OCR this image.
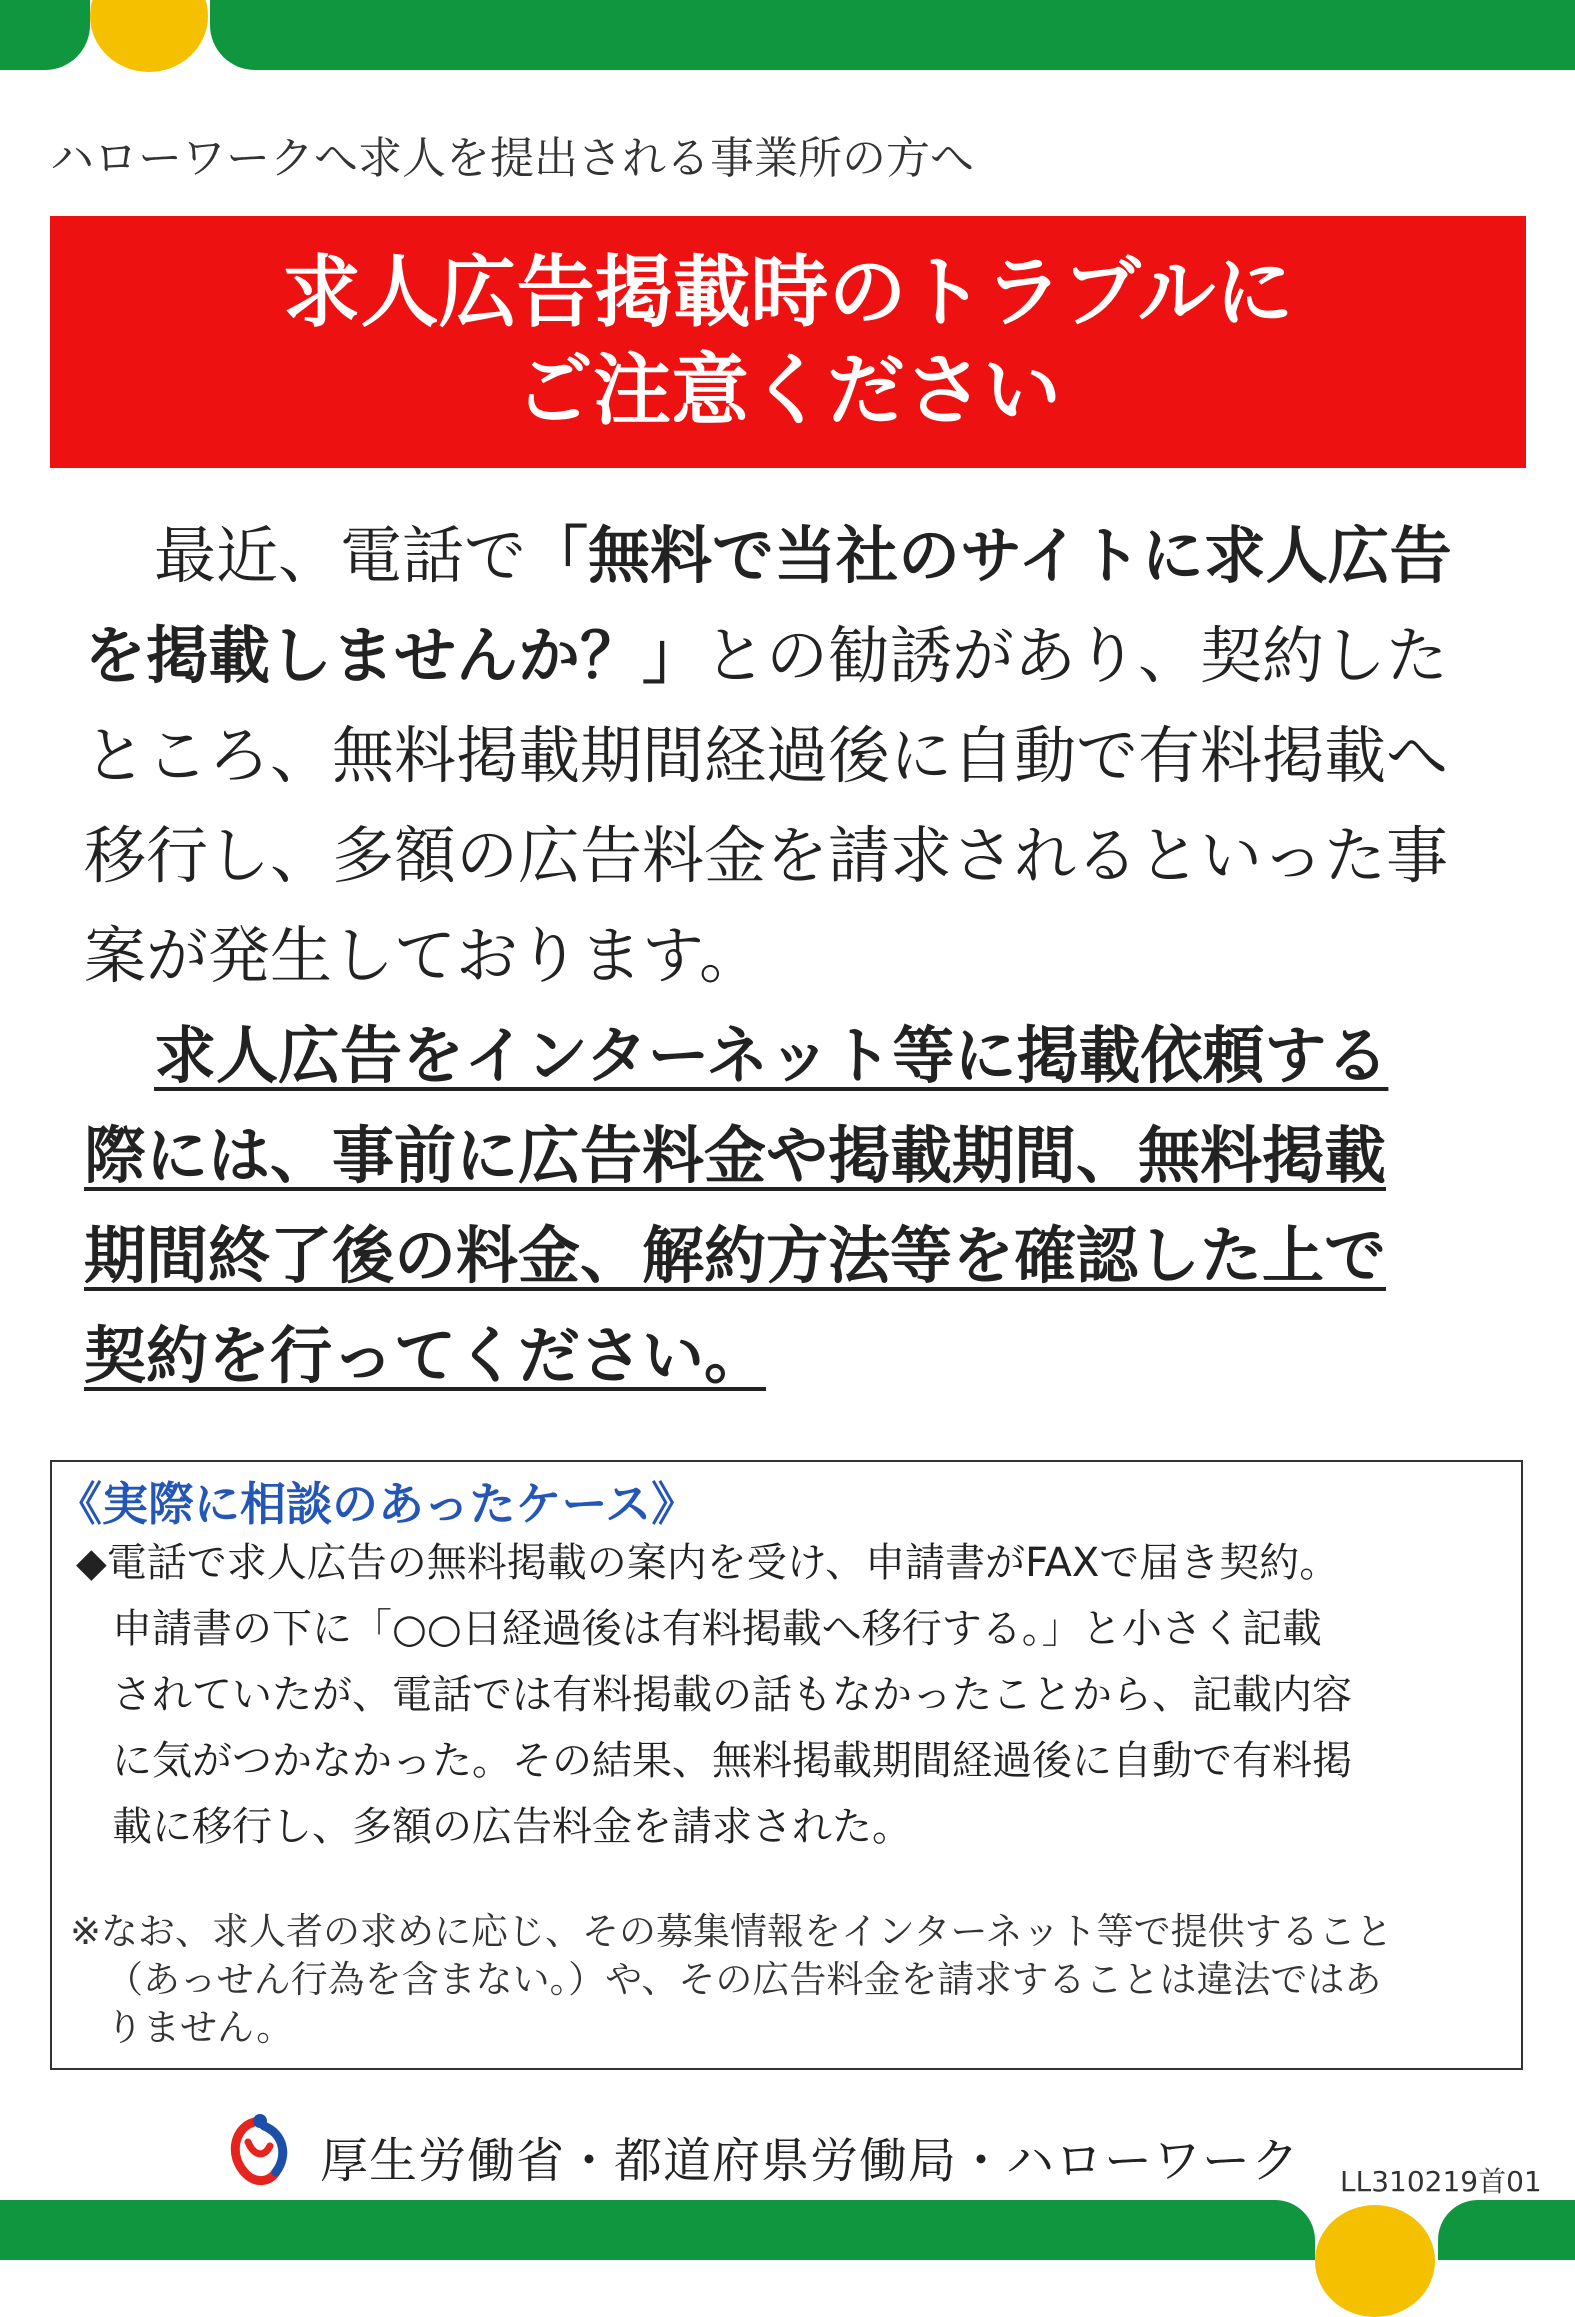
ハローワークへ求人を提出される事業所の方へ
求人広告掲載時のトラブルに
ご注意ください

最近、電話で「無料で当社のサイトに求人広告を掲載しませんか？」との勧誘があり、契約したところ、無料掲載期間経過後に自動で有料掲載へ移行し、多額の広告料金を請求されるといった事案が発生しております。

求人広告をインターネット等に掲載依頼する
際には、事前に広告料金や掲載期間、無料掲載
期間終了後の料金、解約方法等を確認した上で
契約を行ってください。

《実際に相談のあったケース》
◆電話で求人広告の無料掲載の案内を受け、申請書がFAXで届き契約。
申請書の下に「○○日経過後は有料掲載へ移行する。」と小さく記載
されていたが、電話では有料掲載の話もなかったことから、記載内容
に気がつかなかった。その結果、無料掲載期間経過後に自動で有料掲
載に移行し、多額の広告料金を請求された。
※なお、求人者の求めに応じ、その募集情報をインターネット等で提供すること
（あっせん行為を含まない。）や、その広告料金を請求することは違法ではあ
りません。
厚生労働省・都道府県労働局・ハローワーク LL310219首01
